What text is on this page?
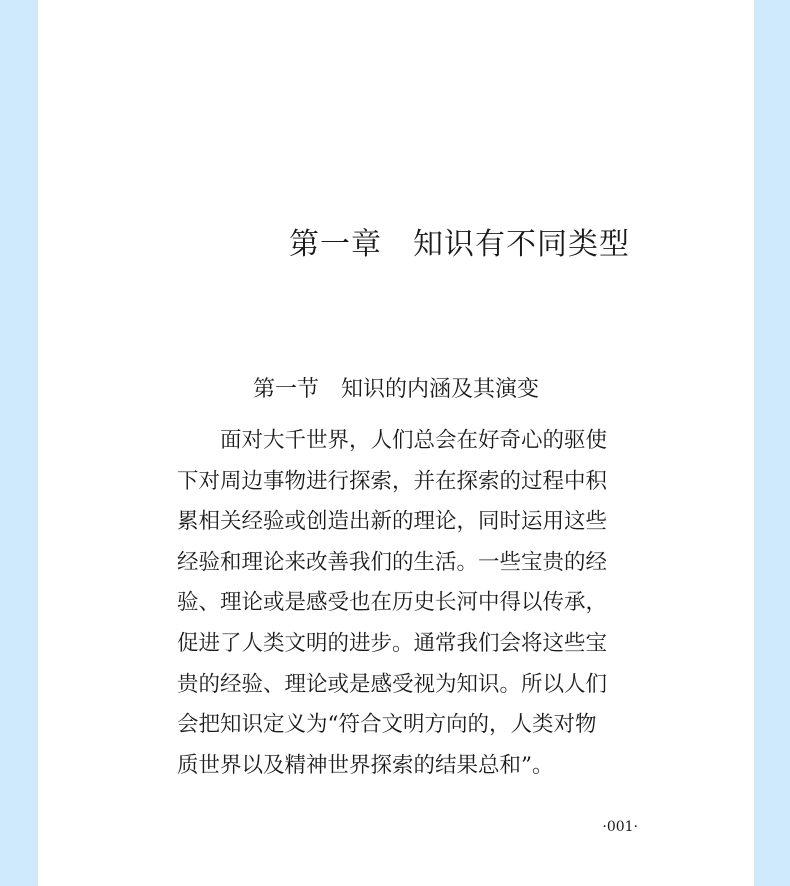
第一章　知识有不同类型
第一节　知识的内涵及其演变
　　面对大千世界，人们总会在好奇心的驱使
下对周边事物进行探索，并在探索的过程中积
累相关经验或创造出新的理论，同时运用这些
经验和理论来改善我们的生活。一些宝贵的经
验、理论或是感受也在历史长河中得以传承，
促进了人类文明的进步。通常我们会将这些宝
贵的经验、理论或是感受视为知识。所以人们
会把知识定义为“符合文明方向的，人类对物
质世界以及精神世界探索的结果总和”。
·001·
